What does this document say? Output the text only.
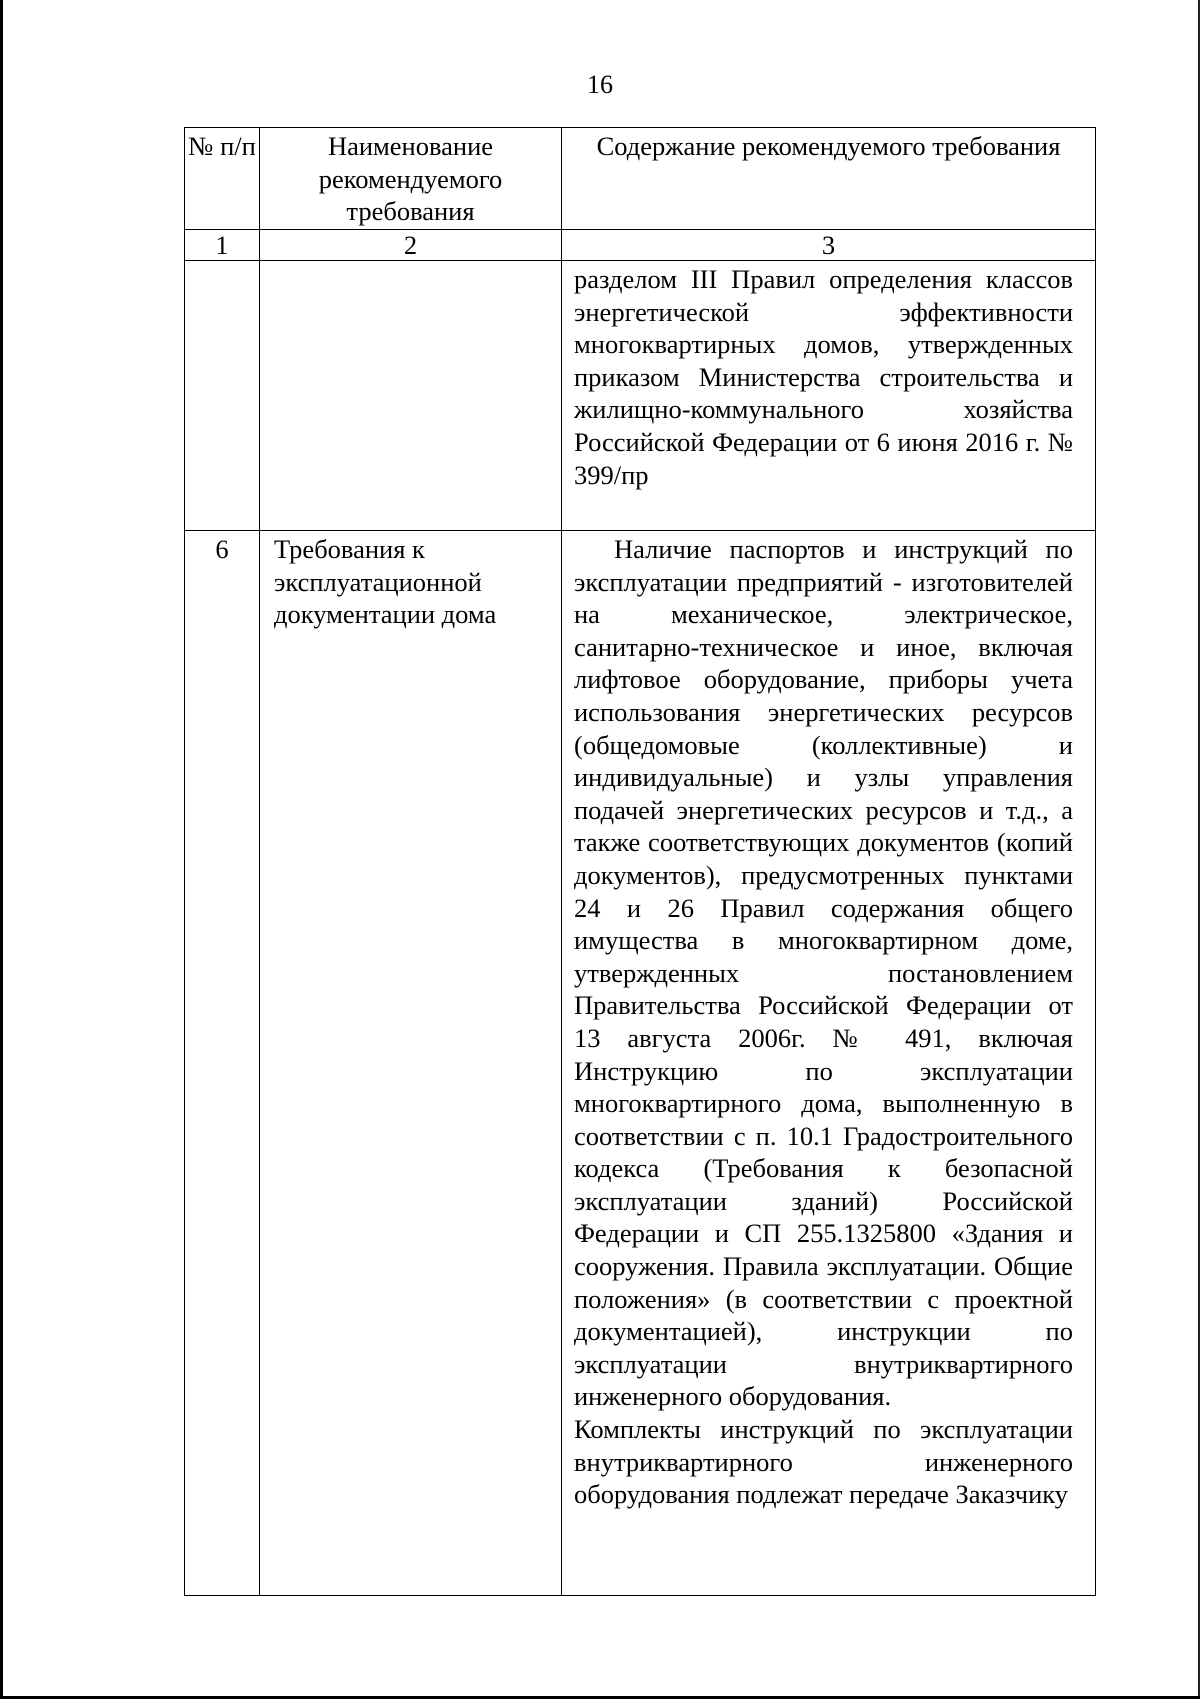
16
№ п/п	Наименование рекомендуемого требования	Содержание рекомендуемого требования
1	2	3

		разделом III Правил определения классов энергетической эффективности многоквартирных домов, утвержденных приказом Министерства строительства и жилищно-коммунального хозяйства Российской Федерации от 6 июня 2016 г. № 399/пр

6	Требования к эксплуатационной документации дома	Наличие паспортов и инструкций по эксплуатации предприятий - изготовителей на механическое, электрическое, санитарно-техническое и иное, включая лифтовое оборудование, приборы учета использования энергетических ресурсов (общедомовые (коллективные) и индивидуальные) и узлы управления подачей энергетических ресурсов и т.д., а также соответствующих документов (копий документов), предусмотренных пунктами 24 и 26 Правил содержания общего имущества в многоквартирном доме, утвержденных постановлением Правительства Российской Федерации от 13 августа 2006г. № 491, включая Инструкцию по эксплуатации многоквартирного дома, выполненную в соответствии с п. 10.1 Градостроительного кодекса (Требования к безопасной эксплуатации зданий) Российской Федерации и СП 255.1325800 «Здания и сооружения. Правила эксплуатации. Общие положения» (в соответствии с проектной документацией), инструкции по эксплуатации внутриквартирного инженерного оборудования.

Комплекты инструкций по эксплуатации внутриквартирного инженерного оборудования подлежат передаче Заказчику
